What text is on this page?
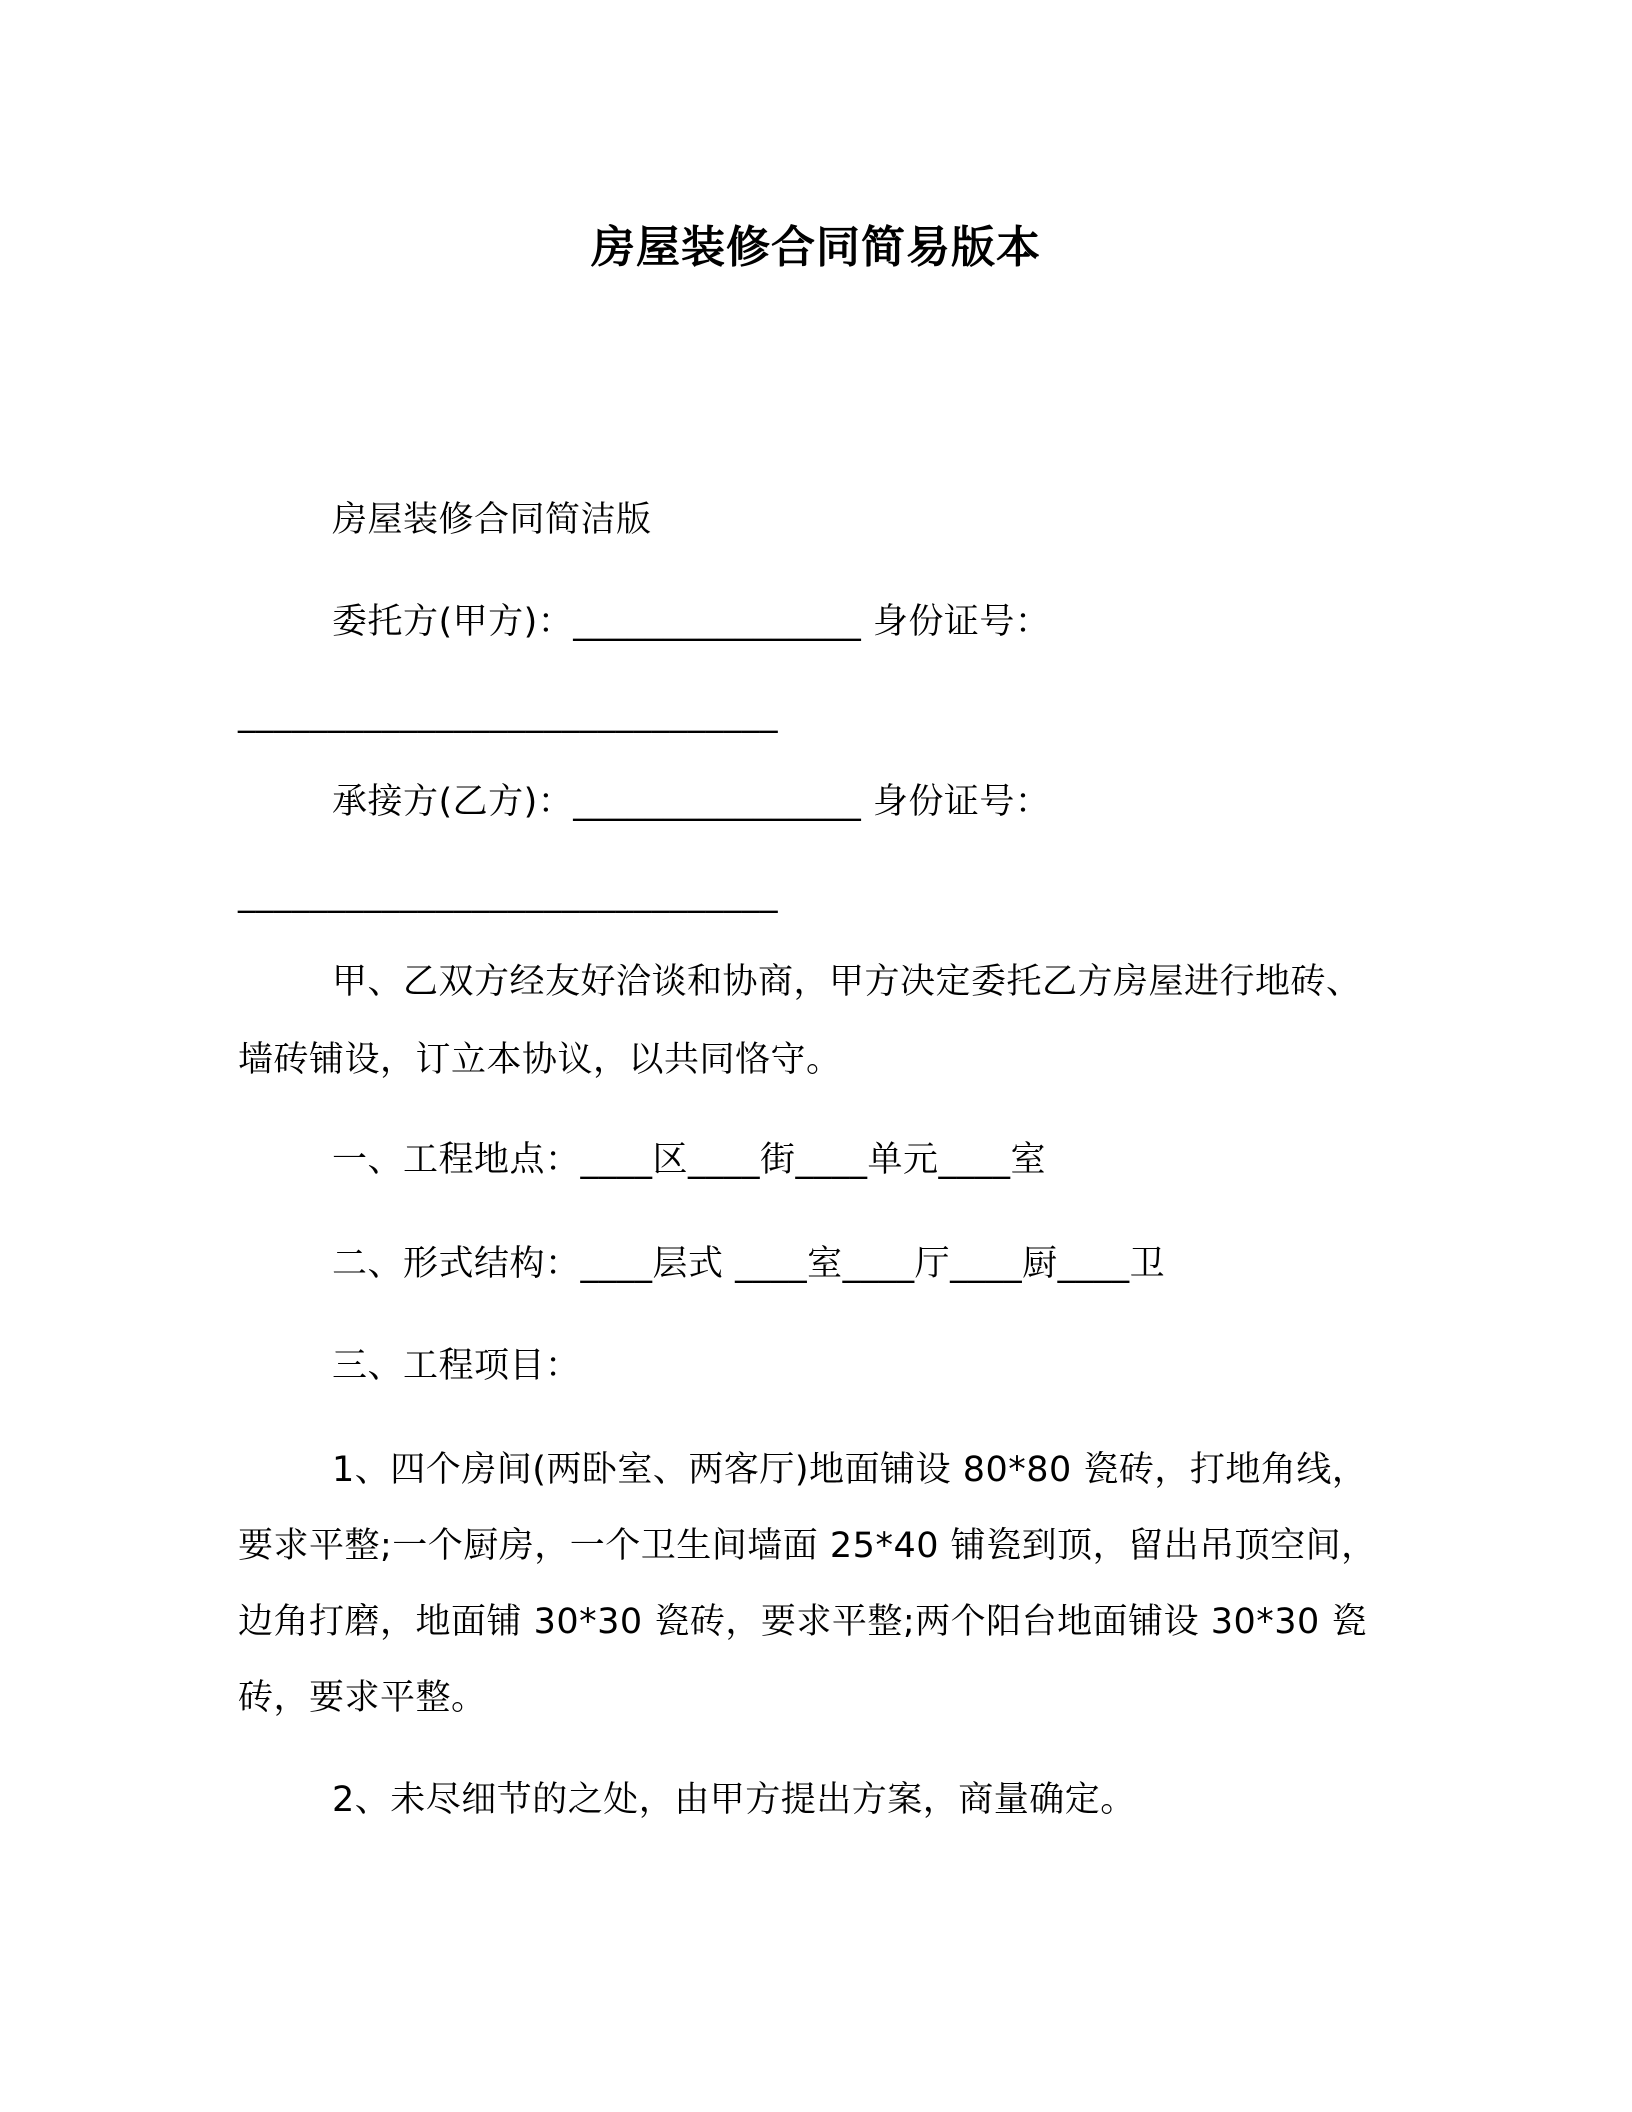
房屋装修合同简易版本
房屋装修合同简洁版
委托方(甲方)：________________ 身份证号：
______________________________
承接方(乙方)：________________ 身份证号：
______________________________
甲、乙双方经友好洽谈和协商，甲方决定委托乙方房屋进行地砖、
墙砖铺设，订立本协议，以共同恪守。
一、工程地点：____区____街____单元____室
二、形式结构：____层式 ____室____厅____厨____卫
三、工程项目：
1、四个房间(两卧室、两客厅)地面铺设 80*80 瓷砖，打地角线，
要求平整;一个厨房，一个卫生间墙面 25*40 铺瓷到顶，留出吊顶空间，
边角打磨，地面铺 30*30 瓷砖，要求平整;两个阳台地面铺设 30*30 瓷
砖，要求平整。
2、未尽细节的之处，由甲方提出方案，商量确定。
